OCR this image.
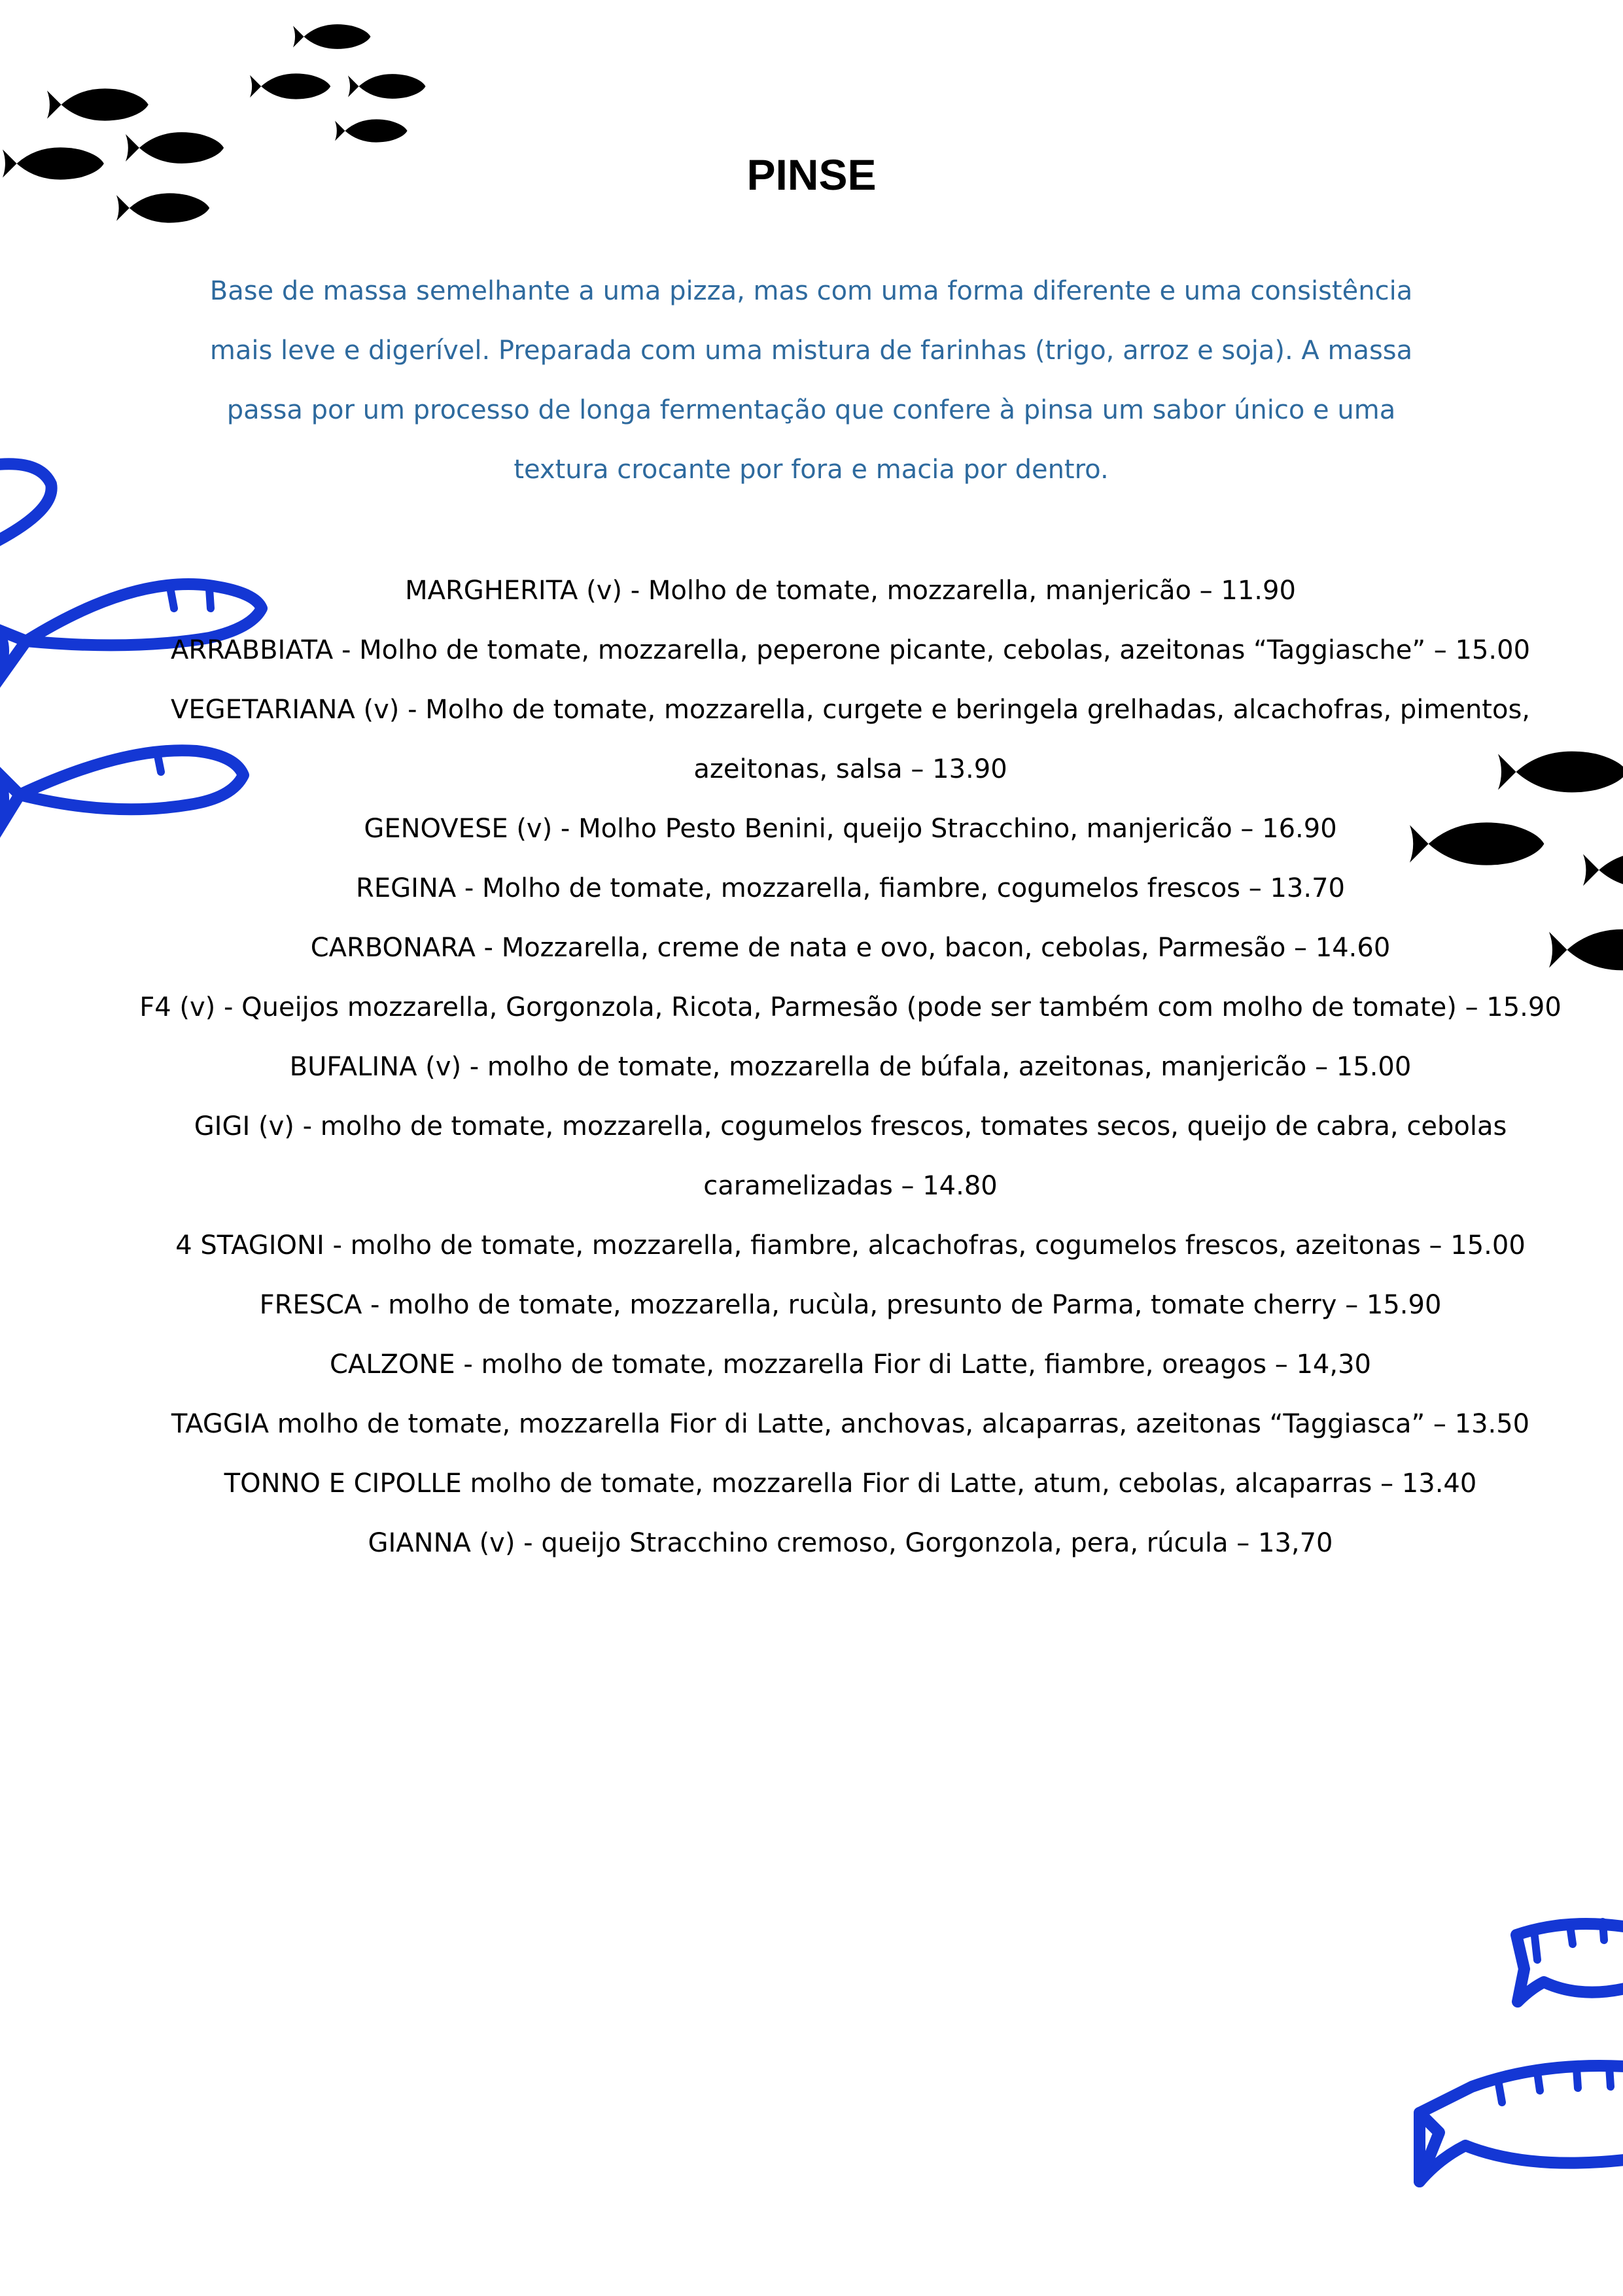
PINSE

Base de massa semelhante a uma pizza, mas com uma forma diferente e uma consistência mais leve e digerível. Preparada com uma mistura de farinhas (trigo, arroz e soja). A massa passa por um processo de longa fermentação que confere à pinsa um sabor único e uma textura crocante por fora e macia por dentro.

MARGHERITA (v) - Molho de tomate, mozzarella, manjericão – 11.90
ARRABBIATA - Molho de tomate, mozzarella, peperone picante, cebolas, azeitonas “Taggiasche” – 15.00
VEGETARIANA (v) - Molho de tomate, mozzarella, curgete e beringela grelhadas, alcachofras, pimentos, azeitonas, salsa – 13.90
GENOVESE (v) - Molho Pesto Benini, queijo Stracchino, manjericão – 16.90
REGINA - Molho de tomate, mozzarella, fiambre, cogumelos frescos – 13.70
CARBONARA - Mozzarella, creme de nata e ovo, bacon, cebolas, Parmesão – 14.60
F4 (v) - Queijos mozzarella, Gorgonzola, Ricota, Parmesão (pode ser também com molho de tomate) – 15.90
BUFALINA (v) - molho de tomate, mozzarella de búfala, azeitonas, manjericão – 15.00
GIGI (v) - molho de tomate, mozzarella, cogumelos frescos, tomates secos, queijo de cabra, cebolas caramelizadas – 14.80
4 STAGIONI - molho de tomate, mozzarella, fiambre, alcachofras, cogumelos frescos, azeitonas – 15.00
FRESCA - molho de tomate, mozzarella, rucùla, presunto de Parma, tomate cherry – 15.90
CALZONE - molho de tomate, mozzarella Fior di Latte, fiambre, oreagos – 14,30
TAGGIA molho de tomate, mozzarella Fior di Latte, anchovas, alcaparras, azeitonas “Taggiasca” – 13.50
TONNO E CIPOLLE molho de tomate, mozzarella Fior di Latte, atum, cebolas, alcaparras – 13.40
GIANNA (v) - queijo Stracchino cremoso, Gorgonzola, pera, rúcula – 13,70
